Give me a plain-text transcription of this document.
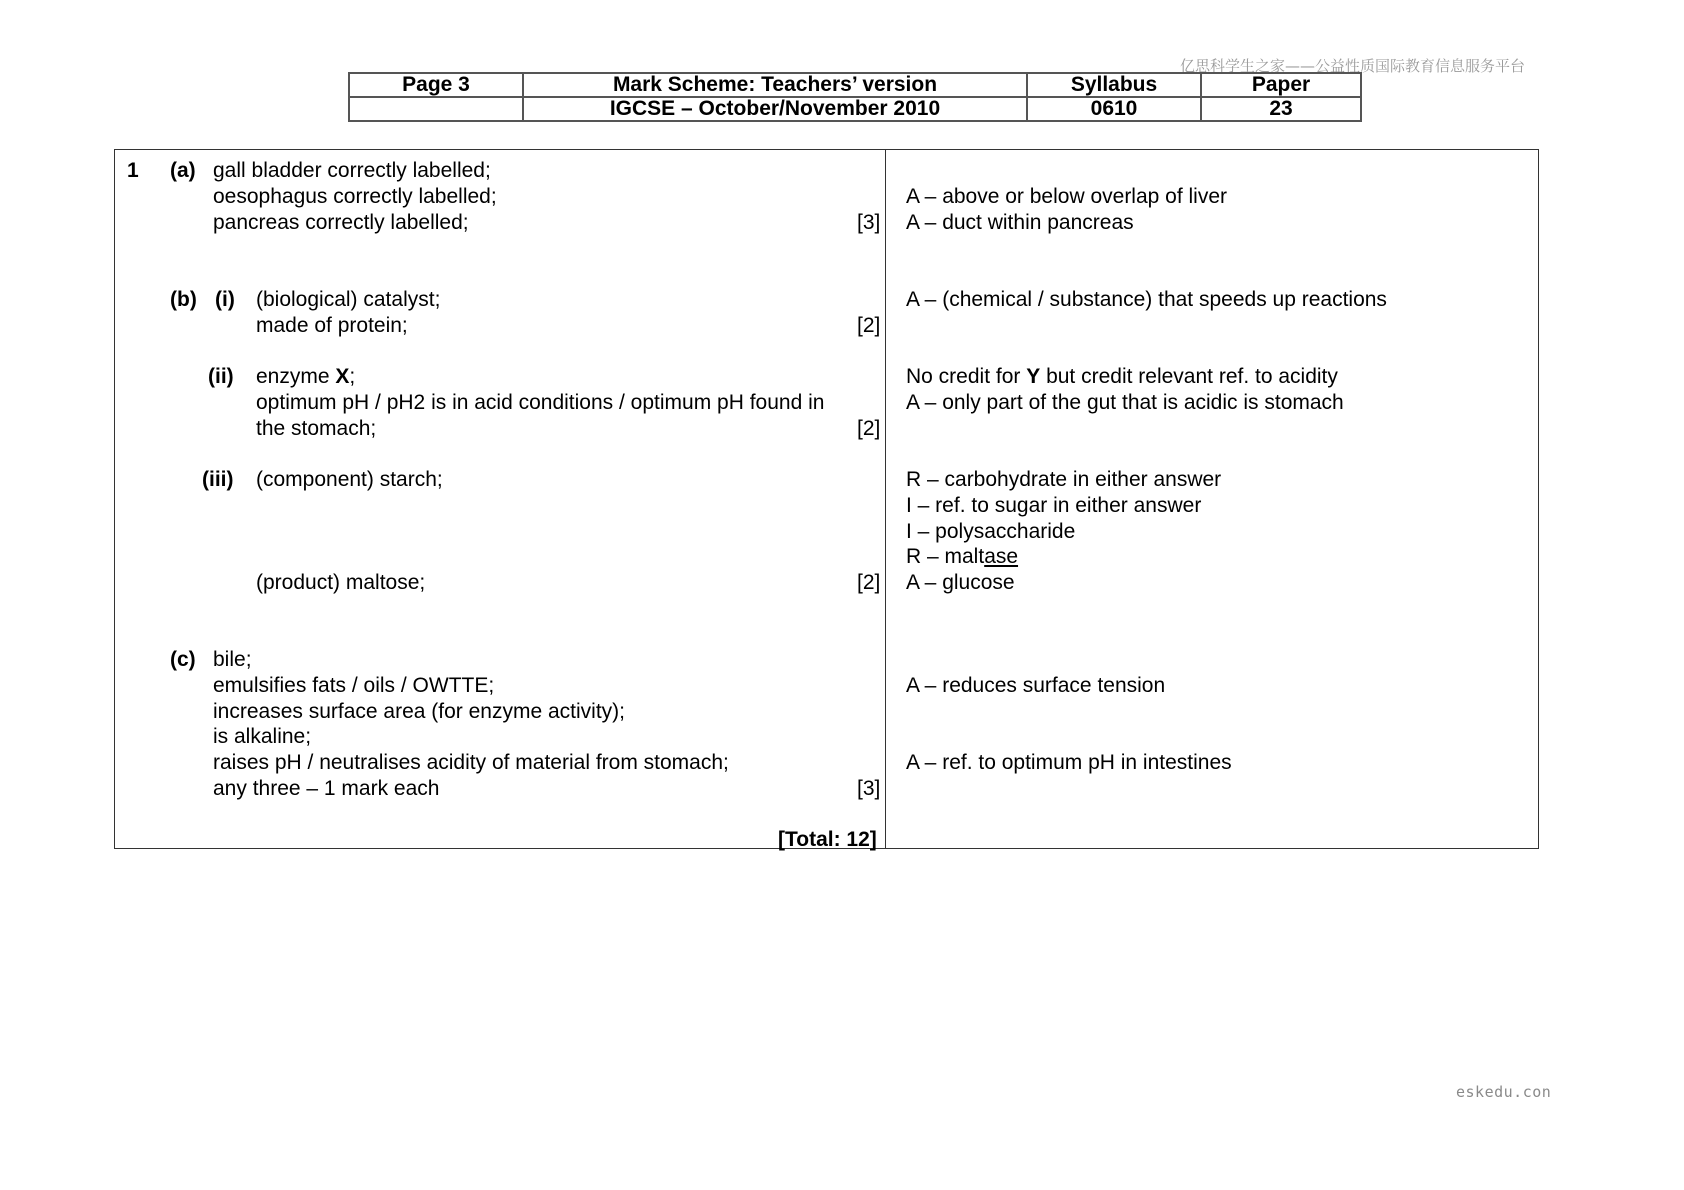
亿思科学生之家——公益性质国际教育信息服务平台
Page 3	Mark Scheme: Teachers’ version	Syllabus	Paper
	IGCSE – October/November 2010	0610	23
1 (a) gall bladder correctly labelled;
oesophagus correctly labelled;
pancreas correctly labelled;	[3]
A – above or below overlap of liver
A – duct within pancreas
(b) (i) (biological) catalyst;
made of protein;	[2]
A – (chemical / substance) that speeds up reactions
(ii) enzyme X;
optimum pH / pH2 is in acid conditions / optimum pH found in
the stomach;	[2]
No credit for Y but credit relevant ref. to acidity
A – only part of the gut that is acidic is stomach
(iii) (component) starch;
(product) maltose;	[2]
R – carbohydrate in either answer
I – ref. to sugar in either answer
I – polysaccharide
R – maltase
A – glucose
(c) bile;
emulsifies fats / oils / OWTTE;
increases surface area (for enzyme activity);
is alkaline;
raises pH / neutralises acidity of material from stomach;
any three – 1 mark each	[3]
A – reduces surface tension
A – ref. to optimum pH in intestines
[Total: 12]
eskedu.con
